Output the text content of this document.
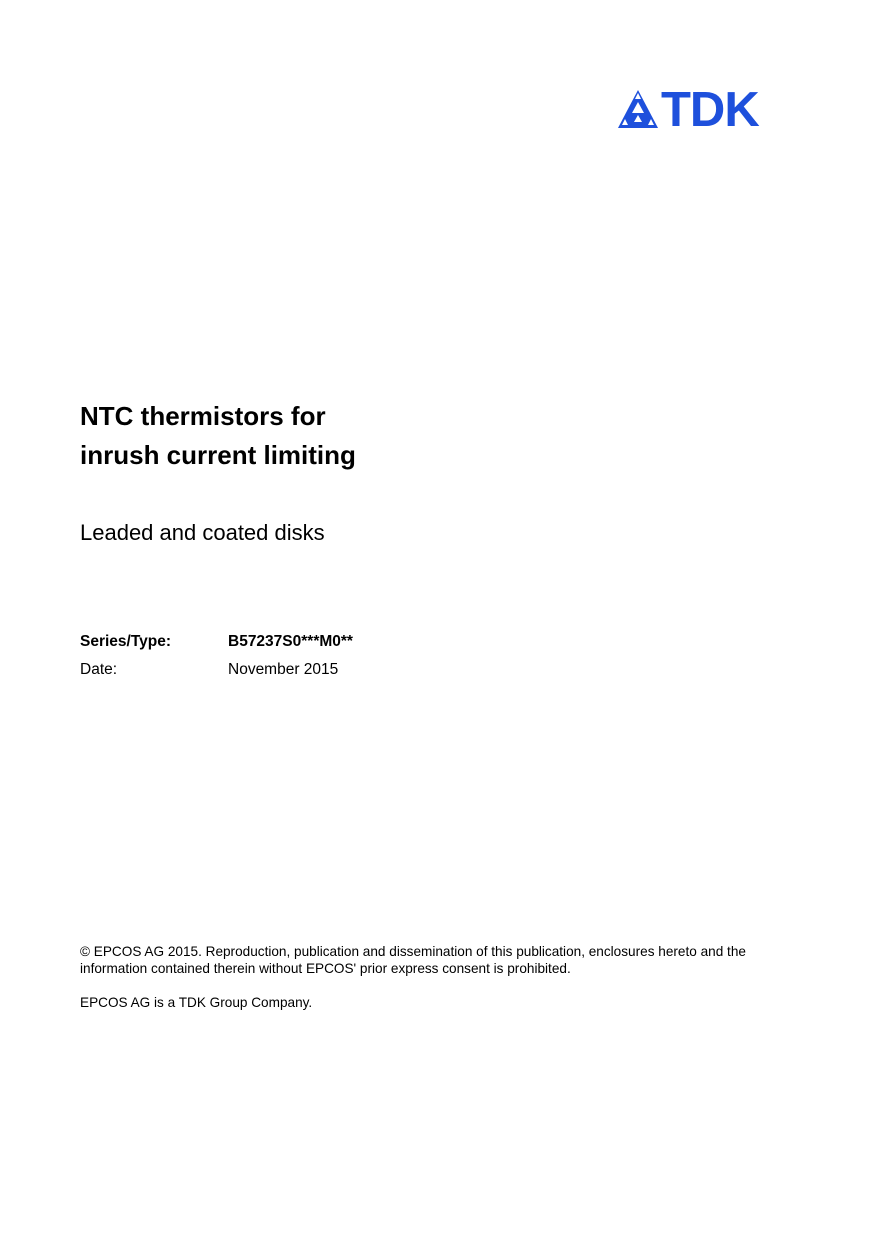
TDK
NTC thermistors for
inrush current limiting
Leaded and coated disks
Series/Type:	B57237S0***M0**
Date:	November 2015

© EPCOS AG 2015. Reproduction, publication and dissemination of this publication, enclosures hereto and the information contained therein without EPCOS' prior express consent is prohibited.

EPCOS AG is a TDK Group Company.
